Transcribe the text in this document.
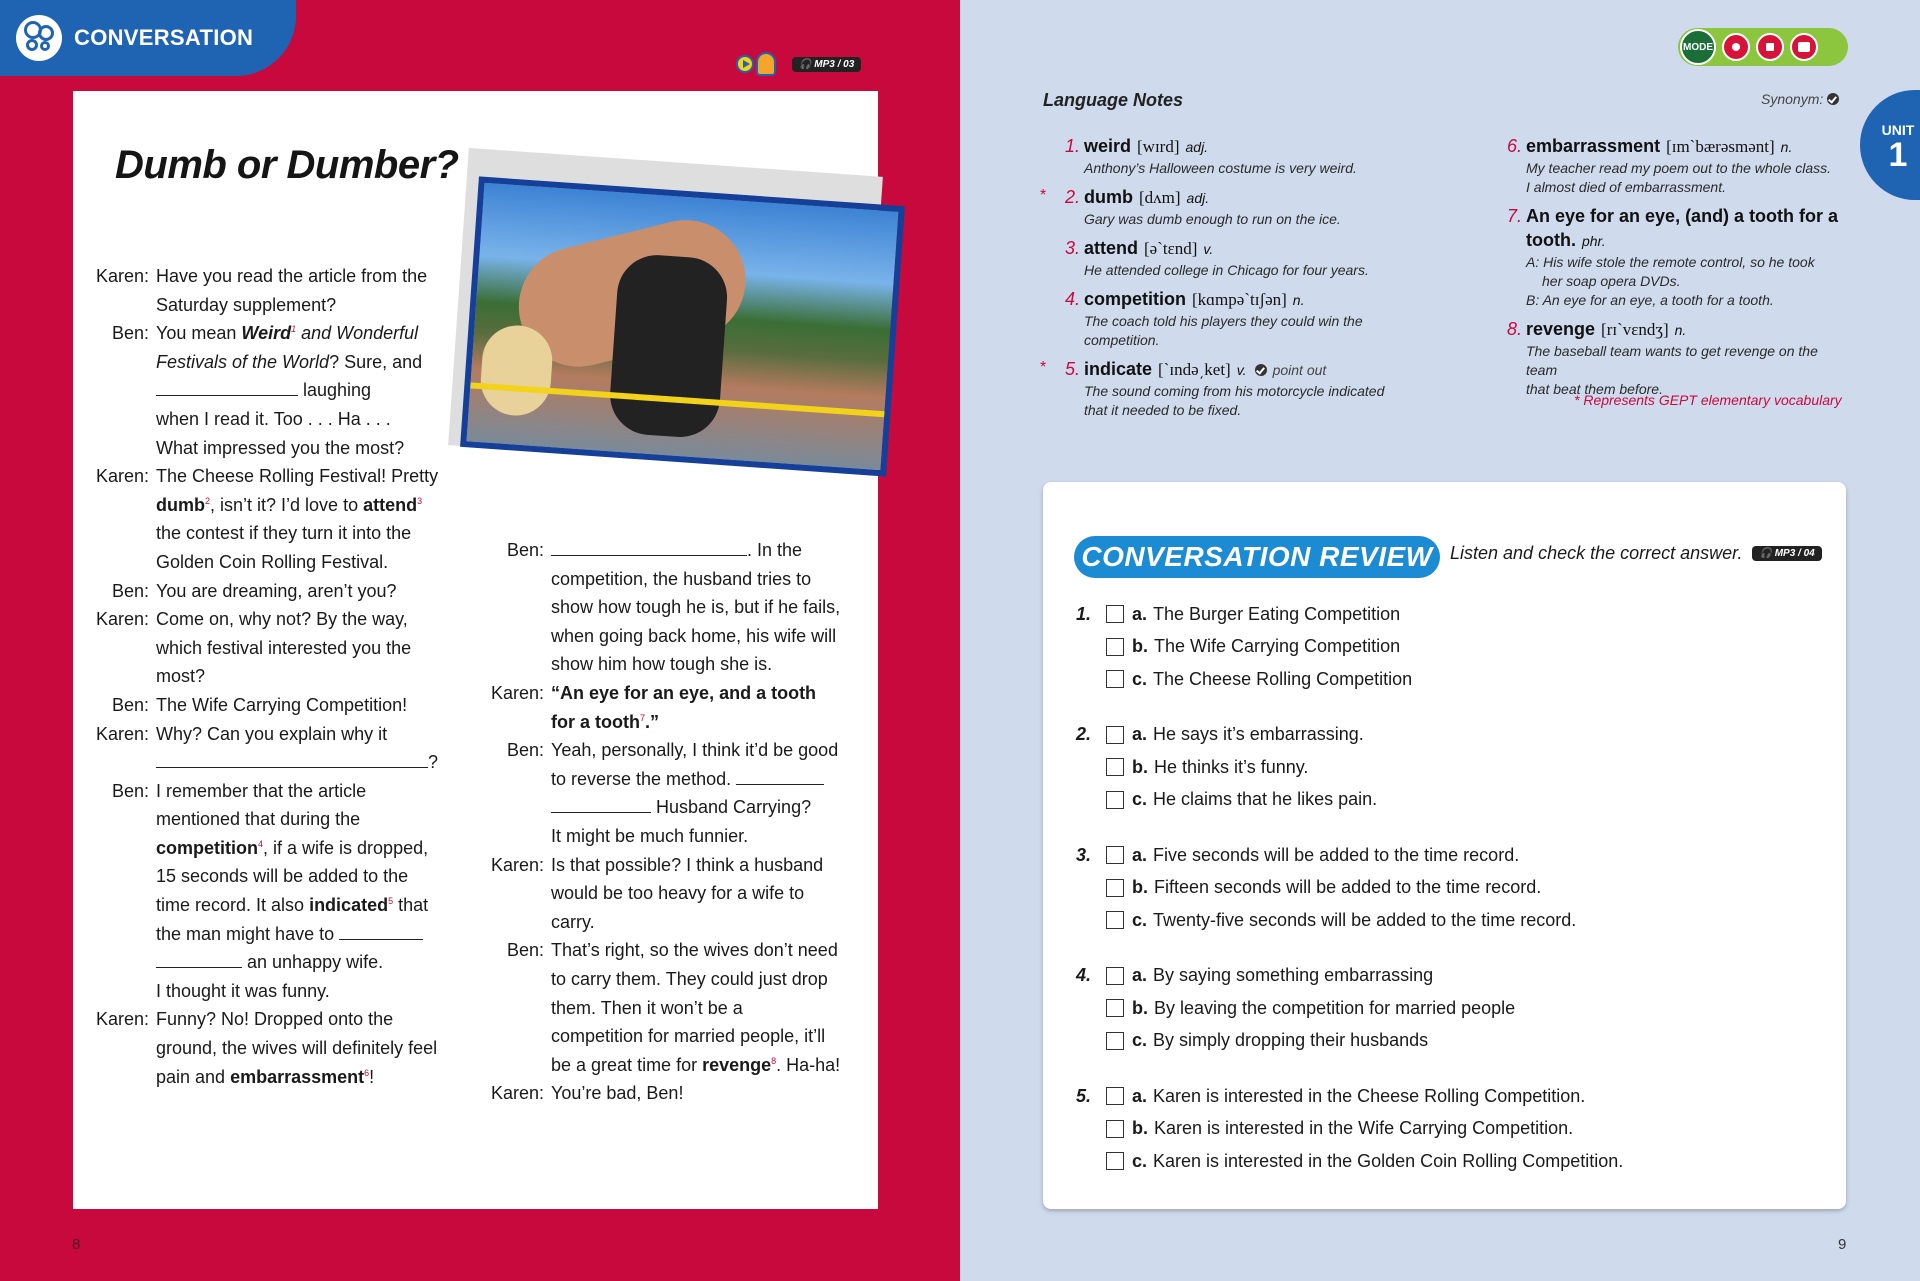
CONVERSATION
🎧 MP3 / 03
Dumb or Dumber?
Karen: Have you read the article from the
Saturday supplement?
Ben: You mean Weird$^1$ and Wonderful
Festivals of the World? Sure, and
laughing
when I read it. Too . . . Ha . . .
What impressed you the most?
Karen: The Cheese Rolling Festival! Pretty
dumb$^2$, isn’t it? I’d love to attend$^3$
the contest if they turn it into the
Golden Coin Rolling Festival.
Ben: You are dreaming, aren’t you?
Karen: Come on, why not? By the way,
which festival interested you the
most?
Ben: The Wife Carrying Competition!
Karen: Why? Can you explain why it
?
Ben: I remember that the article
mentioned that during the
competition$^4$, if a wife is dropped,
15 seconds will be added to the
time record. It also indicated$^5$ that
the man might have to
an unhappy wife.
I thought it was funny.
Karen: Funny? No! Dropped onto the
ground, the wives will definitely feel
pain and embarrassment$^6$!
Ben:	. In the
competition, the husband tries to
show how tough he is, but if he fails,
when going back home, his wife will
show him how tough she is.
Karen: “An eye for an eye, and a tooth
for a tooth$^7$.”
Ben: Yeah, personally, I think it’d be good
to reverse the method.
Husband Carrying?
It might be much funnier.
Karen: Is that possible? I think a husband
would be too heavy for a wife to
carry.
Ben: That’s right, so the wives don’t need
to carry them. They could just drop
them. Then it won’t be a
competition for married people, it’ll
be a great time for revenge$^8$. Ha-ha!
Karen: You’re bad, Ben!
8
MODE
UNIT
1
Language Notes	Synonym:
1. weird [wɪrd] adj.
Anthony’s Halloween costume is very weird.
* 2. dumb [dʌm] adj.
Gary was dumb enough to run on the ice.
3. attend [əˋtɛnd] v.
He attended college in Chicago for four years.
4. competition [kɑmpəˋtɪʃən] n.
The coach told his players they could win the
competition.
* 5. indicate [ˋɪndə͵ket] v. point out
The sound coming from his motorcycle indicated
that it needed to be fixed.
6. embarrassment [ɪmˋbærəsmənt] n.
My teacher read my poem out to the whole class.
I almost died of embarrassment.
7. An eye for an eye, (and) a tooth for a
tooth. phr.
A: His wife stole the remote control, so he took
her soap opera DVDs.
B: An eye for an eye, a tooth for a tooth.
8. revenge [rɪˋvɛndʒ] n.
The baseball team wants to get revenge on the team
that beat them before.
* Represents GEPT elementary vocabulary
CONVERSATION REVIEW Listen and check the correct answer.	🎧 MP3 / 04
1.	a. The Burger Eating Competition
b. The Wife Carrying Competition
c. The Cheese Rolling Competition
2.	a. He says it’s embarrassing.
b. He thinks it’s funny.
c. He claims that he likes pain.
3.	a. Five seconds will be added to the time record.
b. Fifteen seconds will be added to the time record.
c. Twenty-five seconds will be added to the time record.
4.	a. By saying something embarrassing
b. By leaving the competition for married people
c. By simply dropping their husbands
5.	a. Karen is interested in the Cheese Rolling Competition.
b. Karen is interested in the Wife Carrying Competition.
c. Karen is interested in the Golden Coin Rolling Competition.
9
